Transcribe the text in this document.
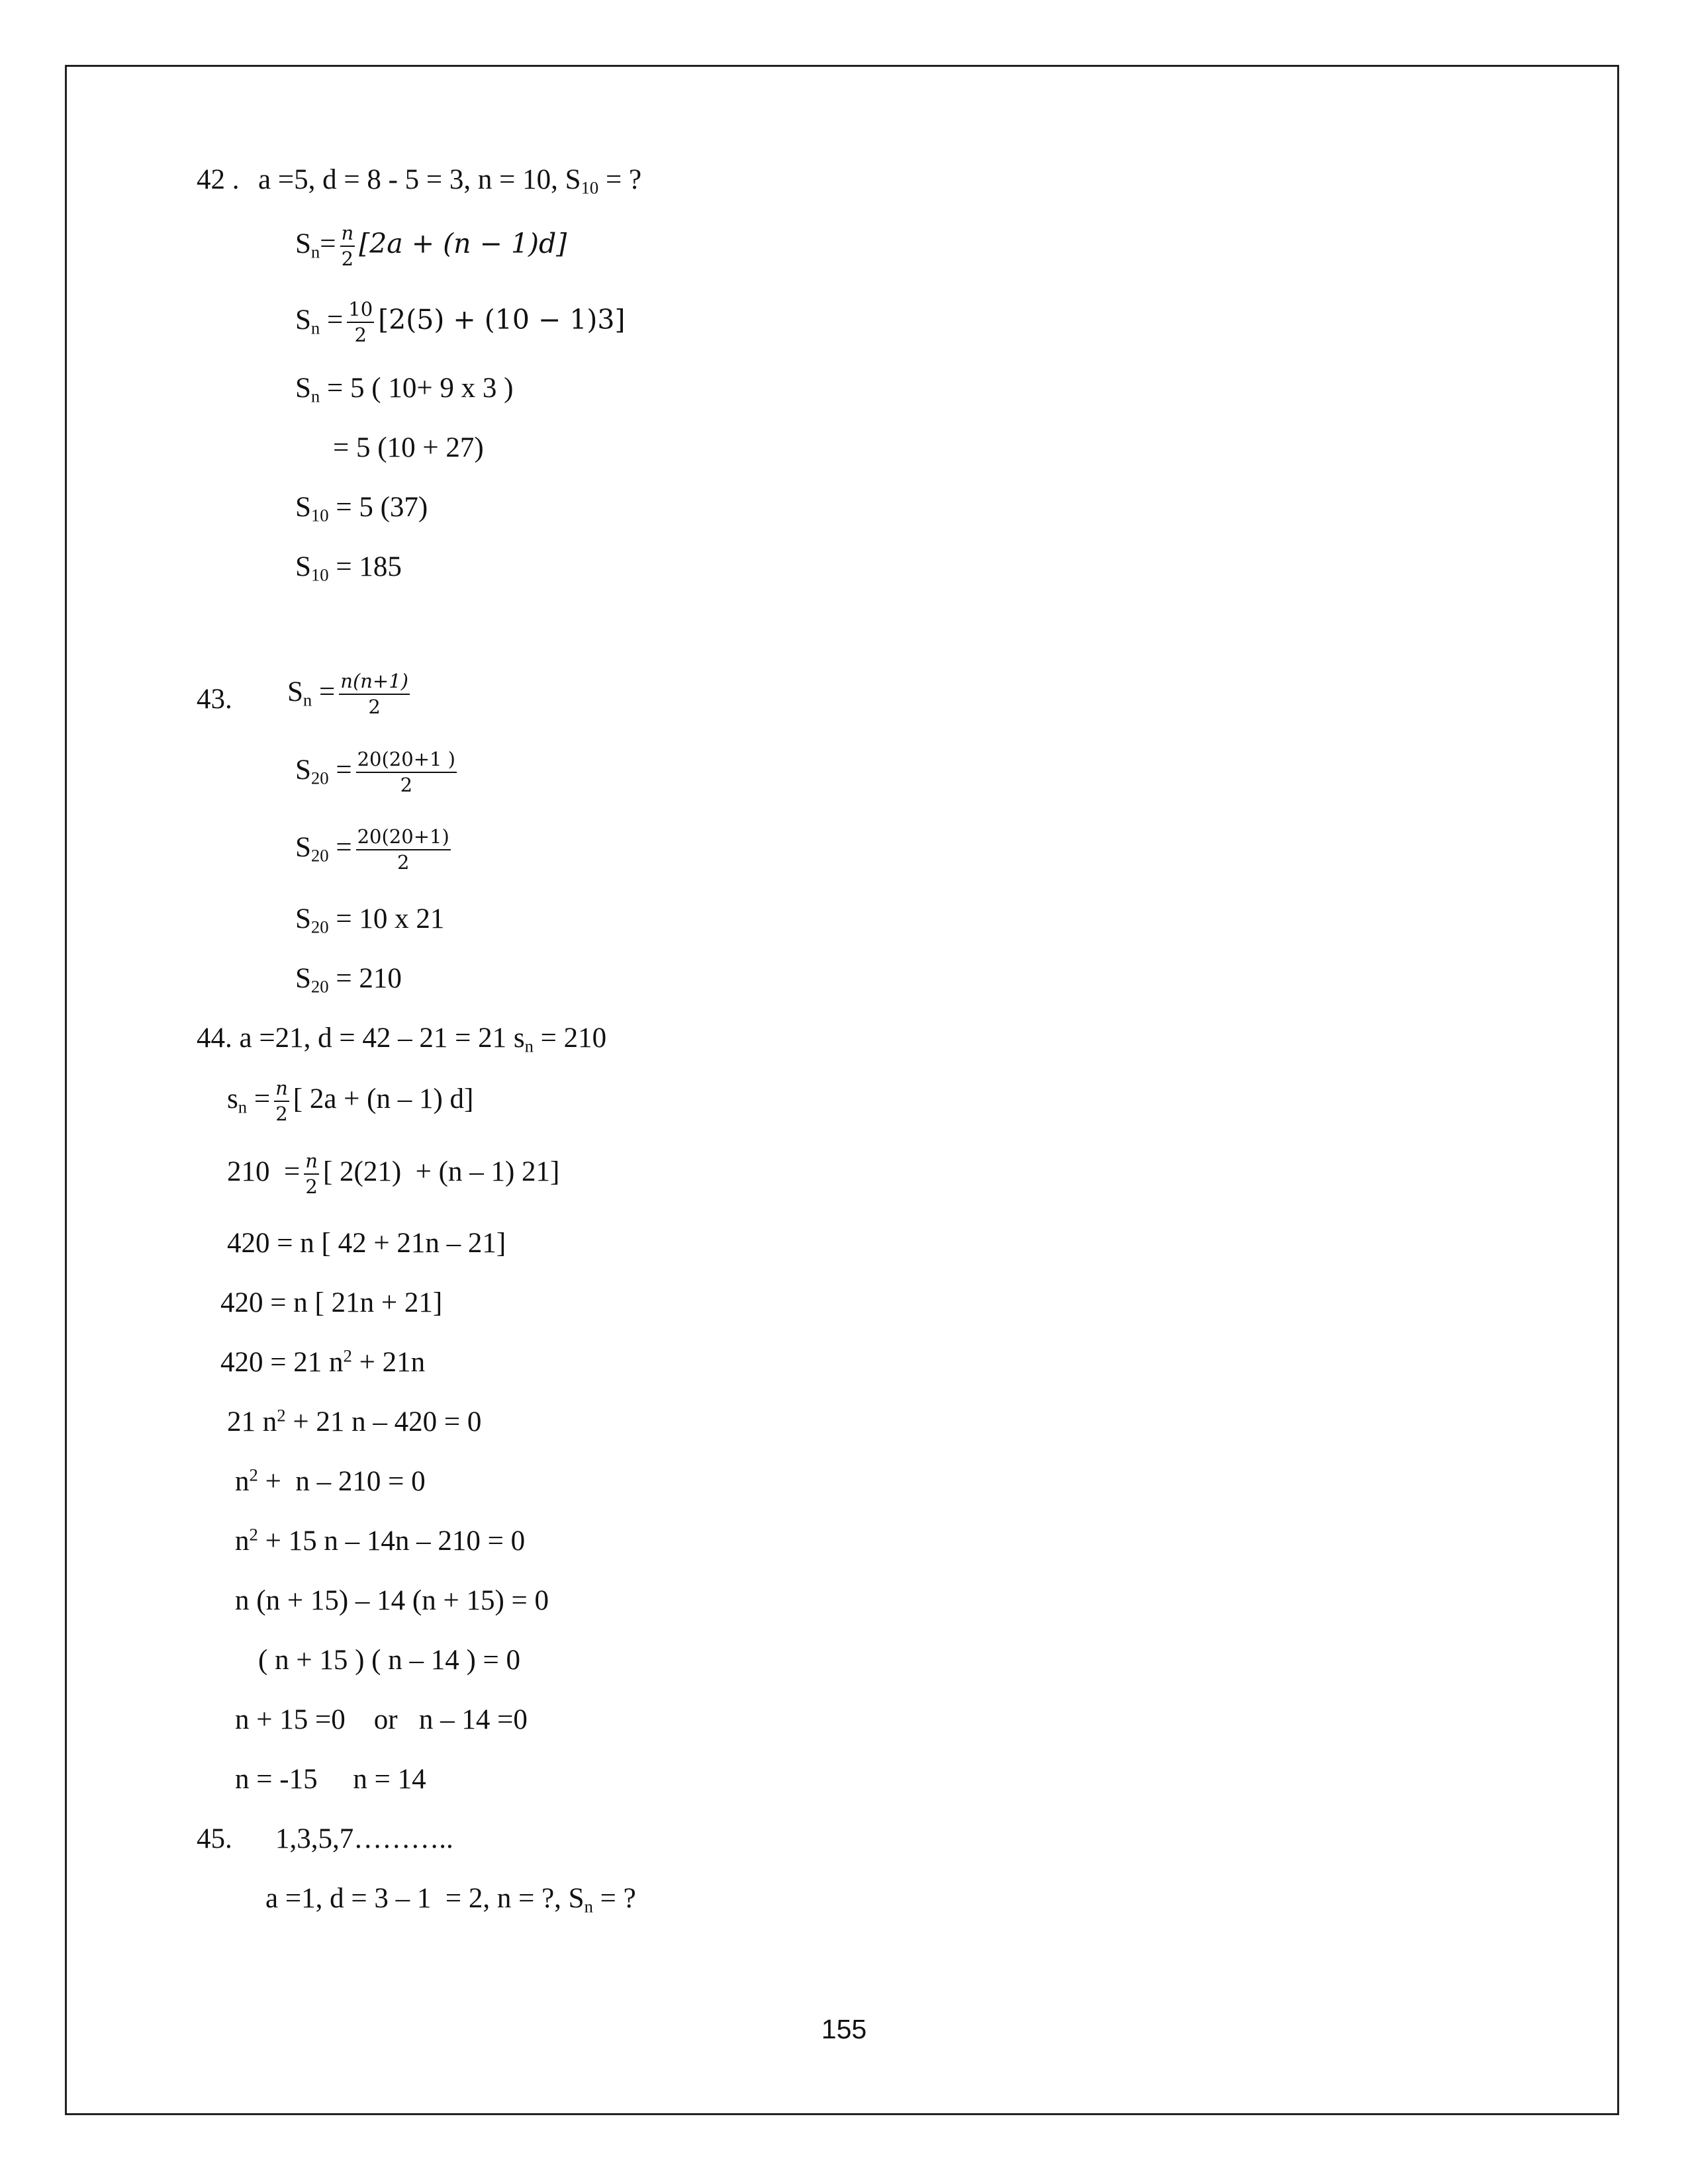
42 . a =5, d = 8 - 5 = 3, n = 10, $S_{10}$ = ?
$S_n= \frac{n}{2} [2a + (n - 1)d]$
$S_n = \frac{10}{2} [2(5) + (10 - 1)3]$
$S_n = 5$ ( 10+ 9 x 3 )
= 5 (10 + 27)
$S_{10} = 5$ (37)
$S_{10} = 185$
43. $S_n = \frac{n(n+1)}{2}$
$S_{20} = \frac{20(20+1 )}{2}$
$S_{20} = \frac{20(20+1)}{2}$
$S_{20} = 10$ x 21
$S_{20} = 210$
44. a =21, d = 42 – 21 = 21 $s_n = 210$
$s_n = \frac{n}{2}$ [ 2a + (n – 1) d]
$210 = \frac{n}{2}$ [ 2(21)  + (n – 1) 21]
420 = n [ 42 + 21n – 21]
420 = n [ 21n + 21]
420 = 21 $n^2 + 21n$
21 $n^2 + 21$ n – 420 = 0
$n^2 + n - 210 = 0$
$n^2 + 15$ n – 14n – 210 = 0
n (n + 15) – 14 (n + 15) = 0
( n + 15 ) ( n – 14 ) = 0
n + 15 =0    or   n – 14 =0
n = -15     n = 14
45. 1,3,5,7………..
a =1, d = 3 – 1  = 2, n = ?, $S_n$ = ?
155
